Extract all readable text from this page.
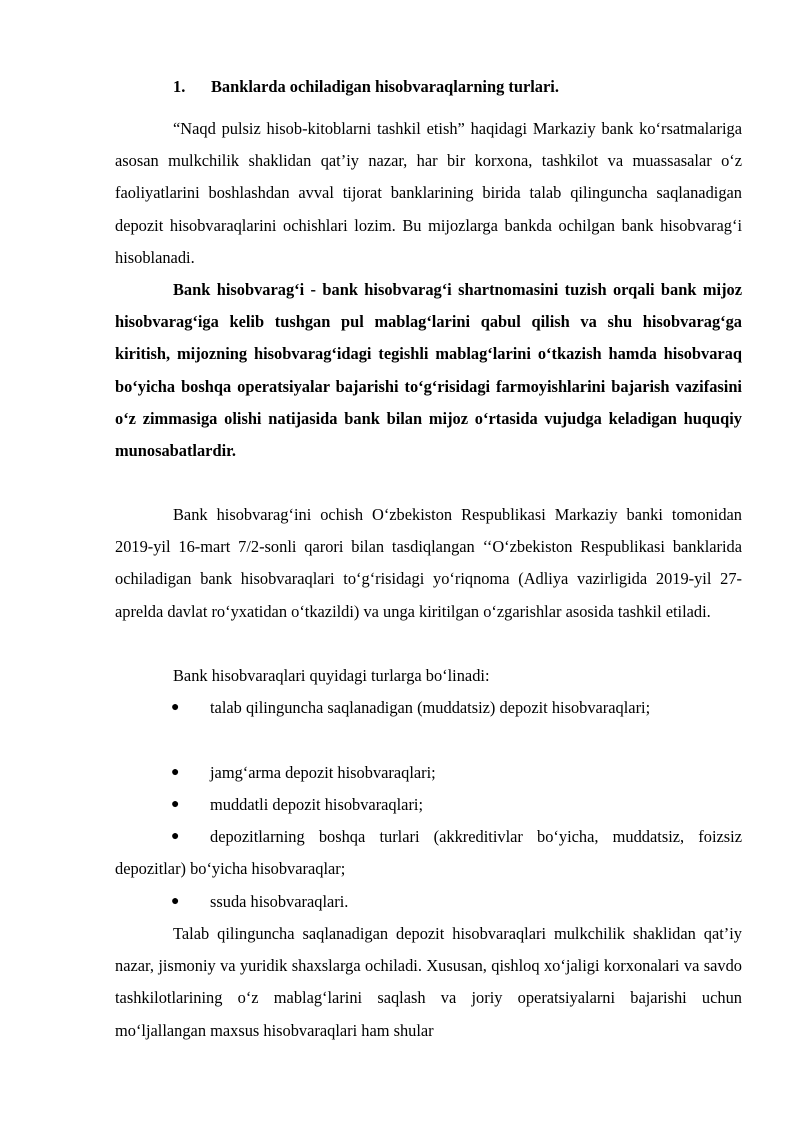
1. Banklarda ochiladigan hisobvaraqlarning turlari.

“Naqd pulsiz hisob-kitoblarni tashkil etish” haqidagi Markaziy bank ko‘rsatmalariga asosan mulkchilik shaklidan qat’iy nazar, har bir korxona, tashkilot va muassasalar o‘z faoliyatlarini boshlashdan avval tijorat banklarining birida talab qilinguncha saqlanadigan depozit hisobvaraqlarini ochishlari lozim. Bu mijozlarga bankda ochilgan bank hisobvarag‘i hisoblanadi.

Bank hisobvarag‘i - bank hisobvarag‘i shartnomasini tuzish orqali bank mijoz hisobvarag‘iga kelib tushgan pul mablag‘larini qabul qilish va shu hisobvarag‘ga kiritish, mijozning hisobvarag‘idagi tegishli mablag‘larini o‘tkazish hamda hisobvaraq bo‘yicha boshqa operatsiyalar bajarishi to‘g‘risidagi farmoyishlarini bajarish vazifasini o‘z zimmasiga olishi natijasida bank bilan mijoz o‘rtasida vujudga keladigan huquqiy munosabatlardir.

Bank hisobvarag‘ini ochish O‘zbekiston Respublikasi Markaziy banki tomonidan 2019-yil 16-mart 7/2-sonli qarori bilan tasdiqlangan ‘‘O‘zbekiston Respublikasi banklarida ochiladigan bank hisobvaraqlari to‘g‘risidagi yo‘riqnoma (Adliya vazirligida 2019-yil 27-aprelda davlat ro‘yxatidan o‘tkazildi) va unga kiritilgan o‘zgarishlar asosida tashkil etiladi.

Bank hisobvaraqlari quyidagi turlarga bo‘linadi:
●	talab qilinguncha saqlanadigan (muddatsiz) depozit hisobvaraqlari;
●	jamg‘arma depozit hisobvaraqlari;
●	muddatli depozit hisobvaraqlari;
●	depozitlarning boshqa turlari (akkreditivlar bo‘yicha, muddatsiz, foizsiz depozitlar) bo‘yicha hisobvaraqlar;
●	ssuda hisobvaraqlari.

Talab qilinguncha saqlanadigan depozit hisobvaraqlari mulkchilik shaklidan qat’iy nazar, jismoniy va yuridik shaxslarga ochiladi. Xususan, qishloq xo‘jaligi korxonalari va savdo tashkilotlarining o‘z mablag‘larini saqlash va joriy operatsiyalarni bajarishi uchun mo‘ljallangan maxsus hisobvaraqlari ham shular
